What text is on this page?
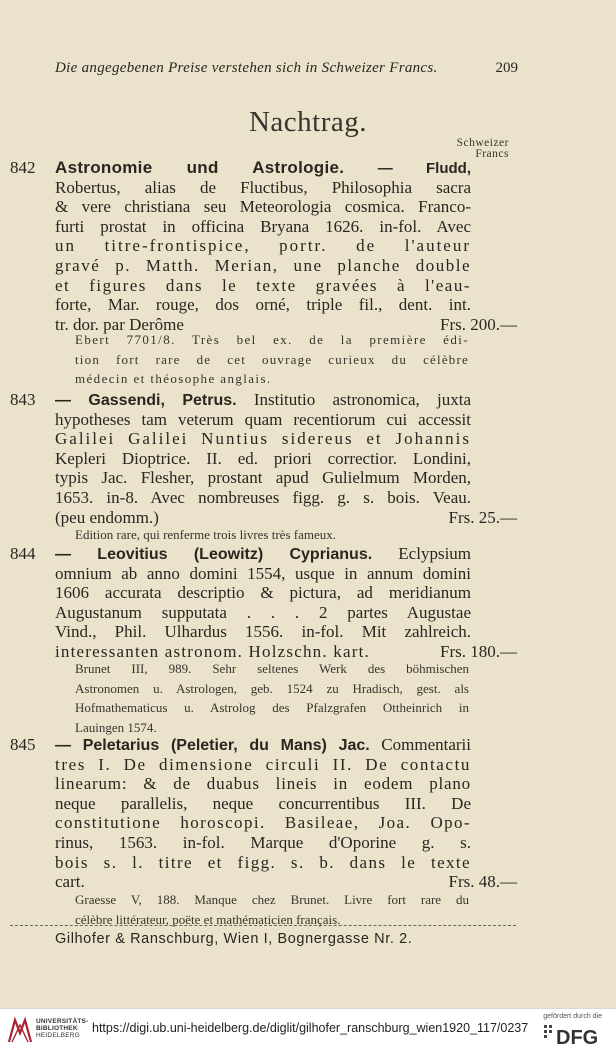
Die angegebenen Preise verstehen sich in Schweizer Francs.	209
Nachtrag.
Schweizer
Francs
842 Astronomie und Astrologie. — Fludd,
Robertus, alias de Fluctibus, Philosophia sacra
& vere christiana seu Meteorologia cosmica. Franco-
furti prostat in officina Bryana 1626. in-fol. Avec
un titre-frontispice, portr. de l'auteur
gravé p. Matth. Merian, une planche double
et figures dans le texte gravées à l'eau-
forte, Mar. rouge, dos orné, triple fil., dent. int.
tr. dor. par Derôme	Frs. 200.—
Ebert 7701/8. Très bel ex. de la première édi-
tion fort rare de cet ouvrage curieux du célèbre
médecin et théosophe anglais.
843 — Gassendi, Petrus. Institutio astronomica, juxta
hypotheses tam veterum quam recentiorum cui accessit
Galilei Galilei Nuntius sidereus et Johannis
Kepleri Dioptrice. II. ed. priori correctior. Londini,
typis Jac. Flesher, prostant apud Gulielmum Morden,
1653. in-8. Avec nombreuses figg. g. s. bois. Veau.
(peu endomm.)	Frs. 25.—
Edition rare, qui renferme trois livres très fameux.
844 — Leovitius (Leowitz) Cyprianus. Eclypsium
omnium ab anno domini 1554, usque in annum domini
1606 accurata descriptio & pictura, ad meridianum
Augustanum supputata . . . 2 partes Augustae
Vind., Phil. Ulhardus 1556. in-fol. Mit zahlreich.
interessanten astronom. Holzschn. kart.	Frs. 180.—
Brunet III, 989. Sehr seltenes Werk des böhmischen
Astronomen u. Astrologen, geb. 1524 zu Hradisch, gest. als
Hofmathematicus u. Astrolog des Pfalzgrafen Ottheinrich in
Lauingen 1574.
845 — Peletarius (Peletier, du Mans) Jac. Commentarii
tres I. De dimensione circuli II. De contactu
linearum: & de duabus lineis in eodem plano
neque parallelis, neque concurrentibus III. De
constitutione horoscopi. Basileae, Joa. Opo-
rinus, 1563. in-fol. Marque d'Oporine g. s.
bois s. l. titre et figg. s. b. dans le texte
cart.	Frs. 48.—
Graesse V, 188. Manque chez Brunet. Livre fort rare du
célèbre littérateur, poëte et mathématicien français.
Gilhofer & Ranschburg, Wien I, Bognergasse Nr. 2.
UNIVERSITÄTS-
BIBLIOTHEK
HEIDELBERG
https://digi.ub.uni-heidelberg.de/diglit/gilhofer_ranschburg_wien1920_117/0237
gefördert durch die
DFG
